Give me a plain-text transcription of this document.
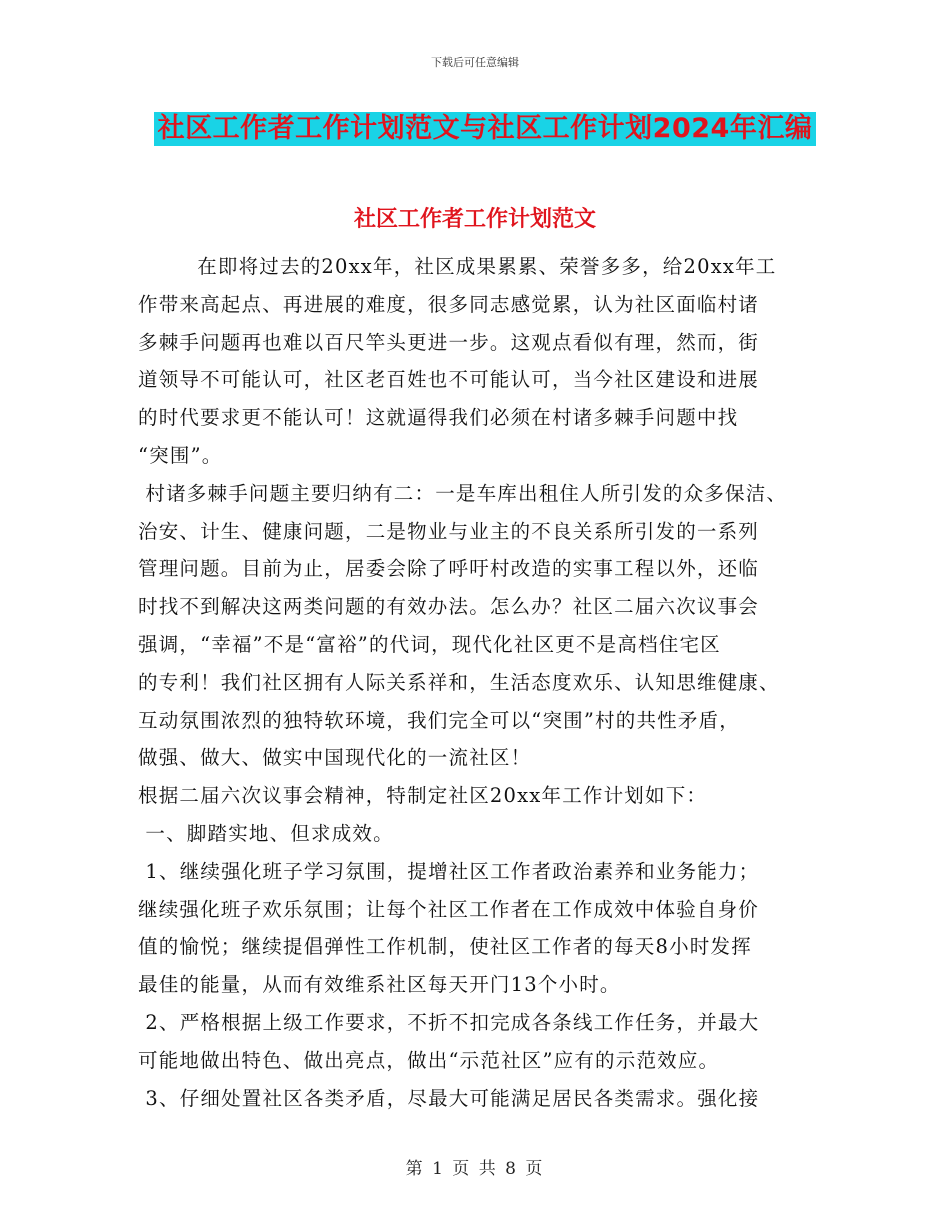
下载后可任意编辑
社区工作者工作计划范文与社区工作计划2024年汇编
社区工作者工作计划范文
在即将过去的20xx年，社区成果累累、荣誉多多，给20xx年工
作带来高起点、再进展的难度，很多同志感觉累，认为社区面临村诸
多棘手问题再也难以百尺竿头更进一步。这观点看似有理，然而，街
道领导不可能认可，社区老百姓也不可能认可，当今社区建设和进展
的时代要求更不能认可！这就逼得我们必须在村诸多棘手问题中找
“突围”。
村诸多棘手问题主要归纳有二：一是车库出租住人所引发的众多保洁、
治安、计生、健康问题，二是物业与业主的不良关系所引发的一系列
管理问题。目前为止，居委会除了呼吁村改造的实事工程以外，还临
时找不到解决这两类问题的有效办法。怎么办？社区二届六次议事会
强调，“幸福”不是“富裕”的代词，现代化社区更不是高档住宅区
的专利！我们社区拥有人际关系祥和，生活态度欢乐、认知思维健康、
互动氛围浓烈的独特软环境，我们完全可以“突围”村的共性矛盾，
做强、做大、做实中国现代化的一流社区！
根据二届六次议事会精神，特制定社区20xx年工作计划如下：
一、脚踏实地、但求成效。
1、继续强化班子学习氛围，提增社区工作者政治素养和业务能力；
继续强化班子欢乐氛围；让每个社区工作者在工作成效中体验自身价
值的愉悦；继续提倡弹性工作机制，使社区工作者的每天8小时发挥
最佳的能量，从而有效维系社区每天开门13个小时。
2、严格根据上级工作要求，不折不扣完成各条线工作任务，并最大
可能地做出特色、做出亮点，做出“示范社区”应有的示范效应。
3、仔细处置社区各类矛盾，尽最大可能满足居民各类需求。强化接
第 1 页 共 8 页
